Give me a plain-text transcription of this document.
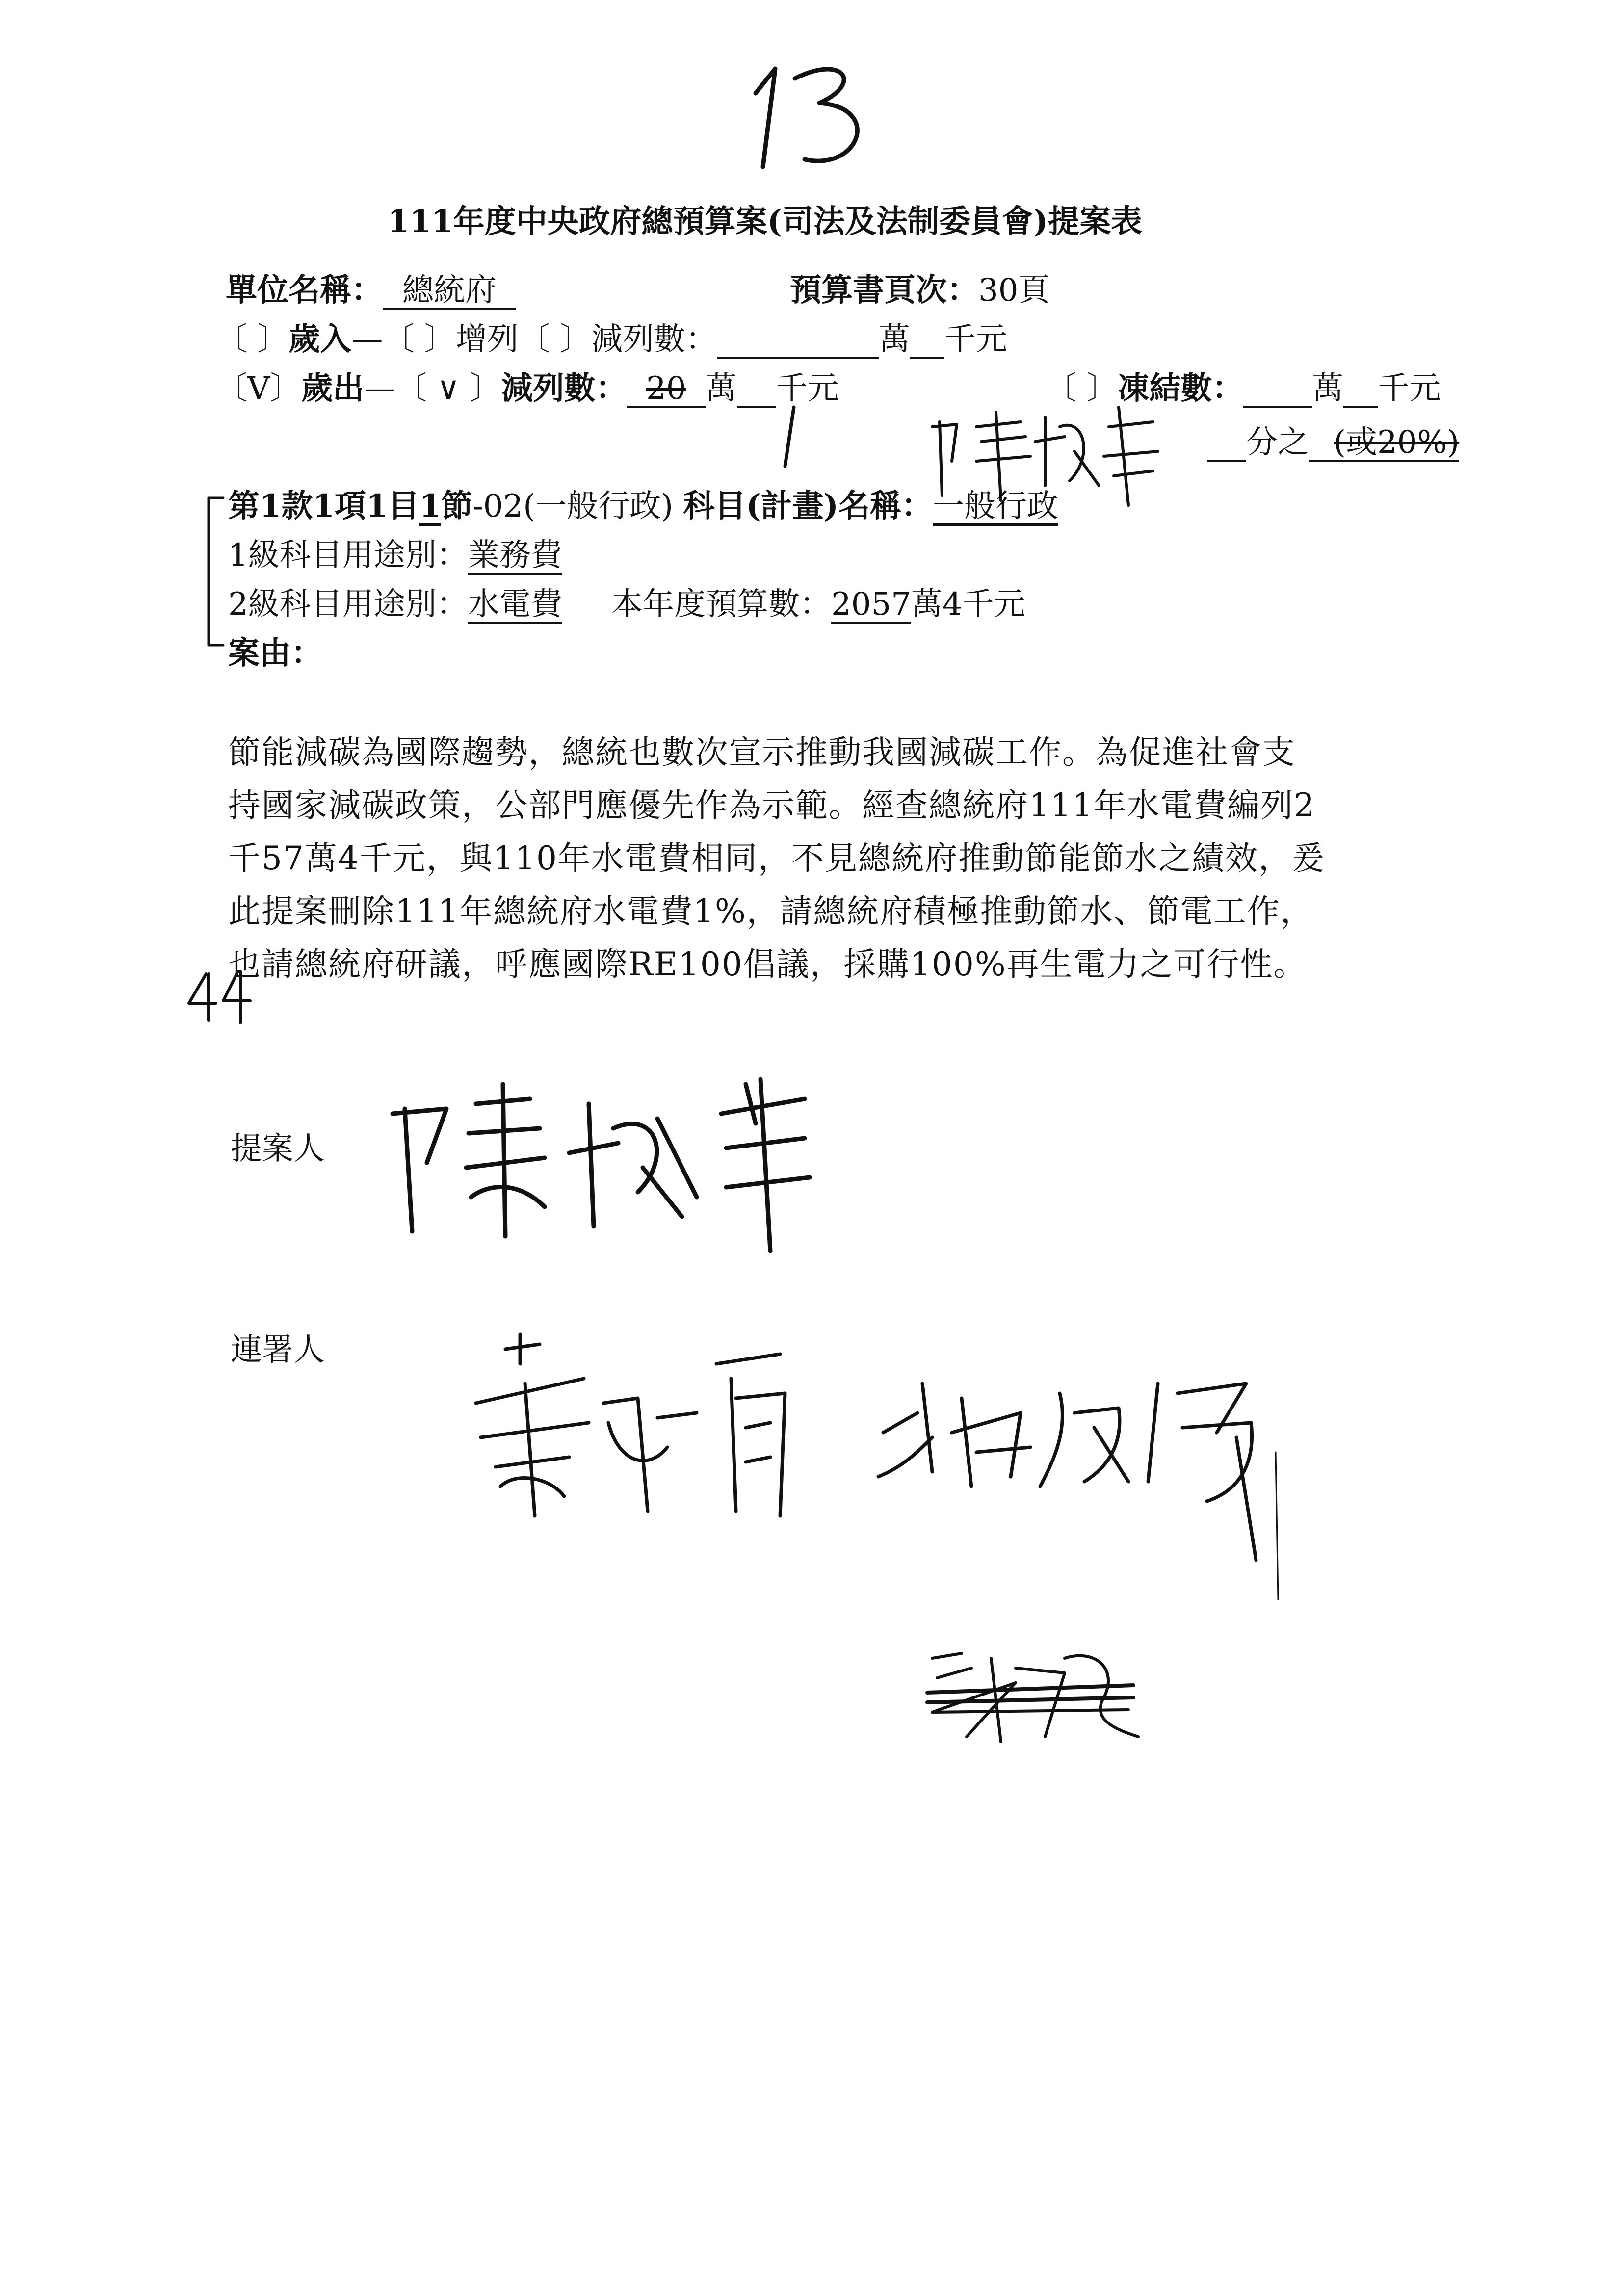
111年度中央政府總預算案(司法及法制委員會)提案表
單位名稱： 總統府	預算書頁次：30頁
〔 〕歲入—〔 〕增列〔 〕減列數：	萬 千元
〔V〕歲出—〔 ∨ 〕減列數： 20 萬 千元	〔 〕凍結數： 萬 千元
分之 (或20%)
第1款1項1目1節-02(一般行政) 科目(計畫)名稱：一般行政
1級科目用途別：業務費
2級科目用途別：水電費 本年度預算數：2057萬4千元
案由：
節能減碳為國際趨勢，總統也數次宣示推動我國減碳工作。為促進社會支
持國家減碳政策，公部門應優先作為示範。經查總統府111年水電費編列2
千57萬4千元，與110年水電費相同，不見總統府推動節能節水之績效，爰
此提案刪除111年總統府水電費1%，請總統府積極推動節水、節電工作，
也請總統府研議，呼應國際RE100倡議，採購100%再生電力之可行性。
提案人
連署人
